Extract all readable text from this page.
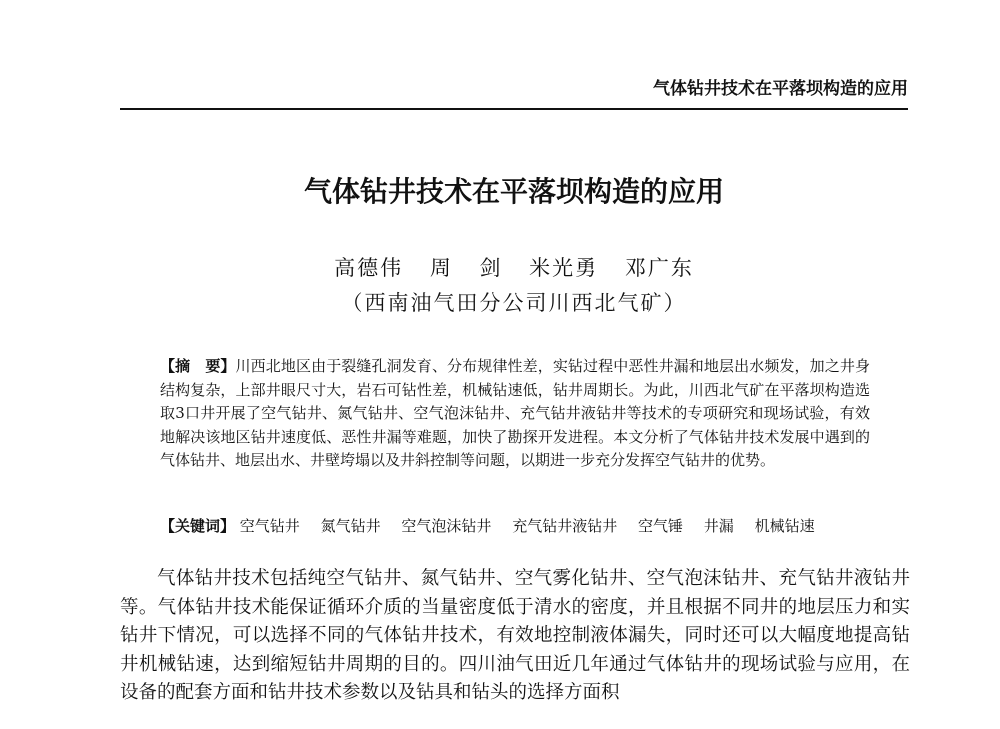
气体钻井技术在平落坝构造的应用
气体钻井技术在平落坝构造的应用
高德伟 周 剑 米光勇 邓广东
（西南油气田分公司川西北气矿）
【摘　要】川西北地区由于裂缝孔洞发育、分布规律性差，实钻过程中恶性井漏和地层出水频发，加之井身结构复杂，上部井眼尺寸大，岩石可钻性差，机械钻速低，钻井周期长。为此，川西北气矿在平落坝构造选取3口井开展了空气钻井、氮气钻井、空气泡沫钻井、充气钻井液钻井等技术的专项研究和现场试验，有效地解决该地区钻井速度低、恶性井漏等难题，加快了勘探开发进程。本文分析了气体钻井技术发展中遇到的气体钻井、地层出水、井壁垮塌以及井斜控制等问题，以期进一步充分发挥空气钻井的优势。
【关键词】 空气钻井 氮气钻井 空气泡沫钻井 充气钻井液钻井 空气锤 井漏 机械钻速
气体钻井技术包括纯空气钻井、氮气钻井、空气雾化钻井、空气泡沫钻井、充气钻井液钻井等。气体钻井技术能保证循环介质的当量密度低于清水的密度，并且根据不同井的地层压力和实钻井下情况，可以选择不同的气体钻井技术，有效地控制液体漏失，同时还可以大幅度地提高钻井机械钻速，达到缩短钻井周期的目的。四川油气田近几年通过气体钻井的现场试验与应用，在设备的配套方面和钻井技术参数以及钻具和钻头的选择方面积
